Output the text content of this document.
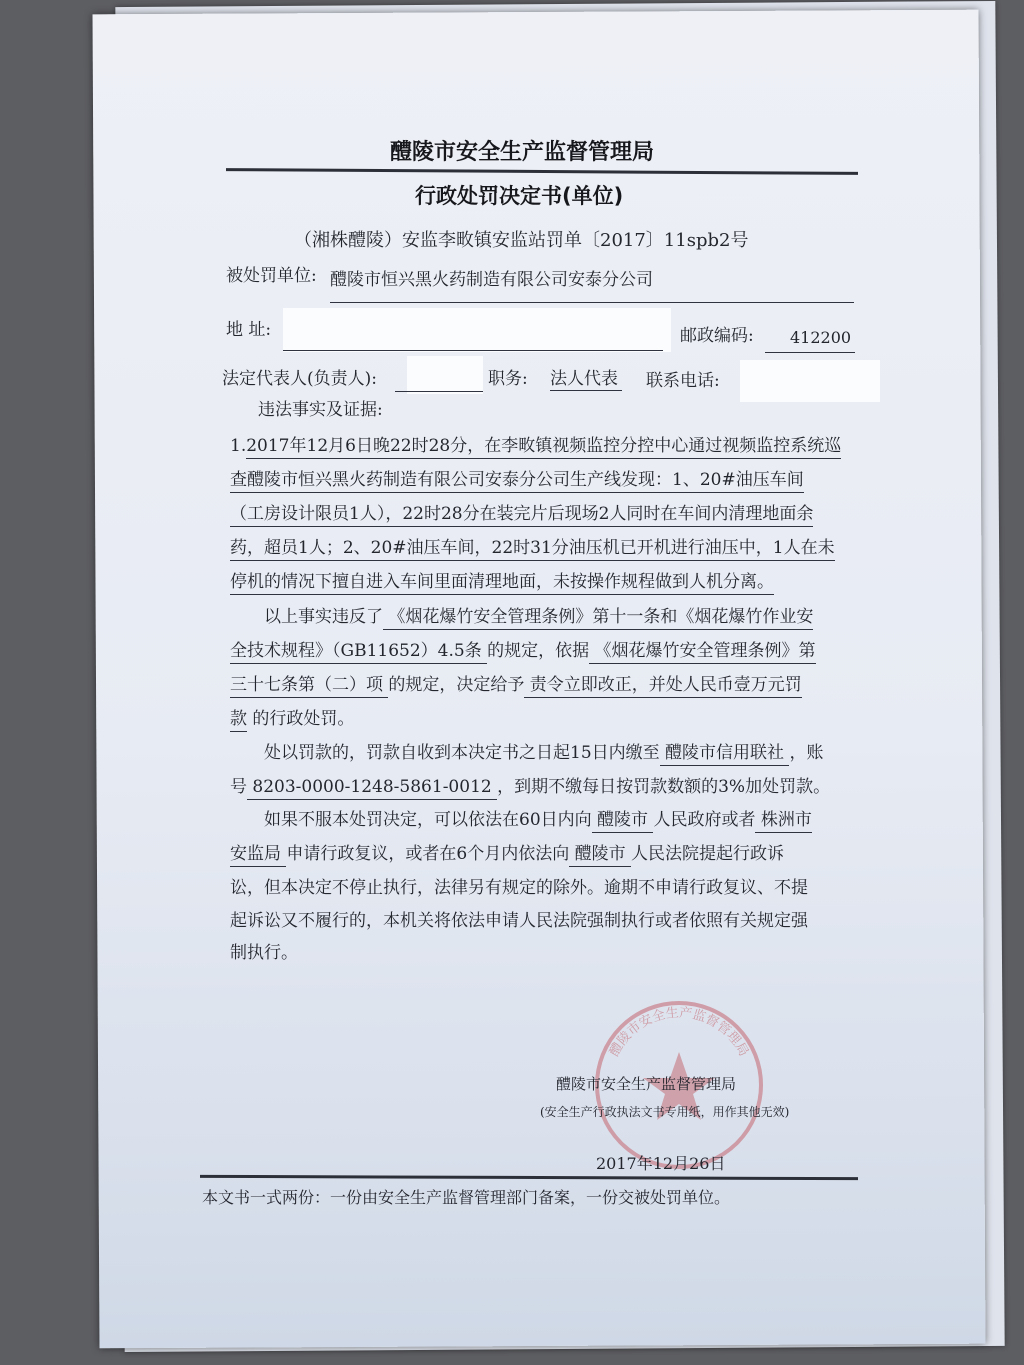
醴陵市安全生产监督管理局
行政处罚决定书(单位)
（湘株醴陵）安监李畋镇安监站罚单〔2017〕11spb2号
被处罚单位: 醴陵市恒兴黑火药制造有限公司安泰分公司
地 址:	邮政编码: 412200
法定代表人(负责人):	职务: 法人代表 联系电话:
违法事实及证据:
1.2017年12月6日晚22时28分，在李畋镇视频监控分控中心通过视频监控系统巡
查醴陵市恒兴黑火药制造有限公司安泰分公司生产线发现：1、20#油压车间
（工房设计限员1人），22时28分在装完片后现场2人同时在车间内清理地面余
药，超员1人；2、20#油压车间，22时31分油压机已开机进行油压中，1人在未
停机的情况下擅自进入车间里面清理地面，未按操作规程做到人机分离。
　　以上事实违反了 《烟花爆竹安全管理条例》第十一条和《烟花爆竹作业安
全技术规程》（GB11652）4.5条 的规定，依据 《烟花爆竹安全管理条例》第
三十七条第（二）项 的规定，决定给予 责令立即改正，并处人民币壹万元罚
款 的行政处罚。
　　处以罚款的，罚款自收到本决定书之日起15日内缴至 醴陵市信用联社 ，账
号 8203-0000-1248-5861-0012 ，到期不缴每日按罚款数额的3%加处罚款。
　　如果不服本处罚决定，可以依法在60日内向 醴陵市 人民政府或者 株洲市
安监局 申请行政复议，或者在6个月内依法向 醴陵市 人民法院提起行政诉
讼，但本决定不停止执行，法律另有规定的除外。逾期不申请行政复议、不提
起诉讼又不履行的，本机关将依法申请人民法院强制执行或者依照有关规定强
制执行。
醴陵市安全生产监督管理局
醴陵市安全生产监督管理局
(安全生产行政执法文书专用纸，用作其他无效)
2017年12月26日
本文书一式两份：一份由安全生产监督管理部门备案，一份交被处罚单位。
